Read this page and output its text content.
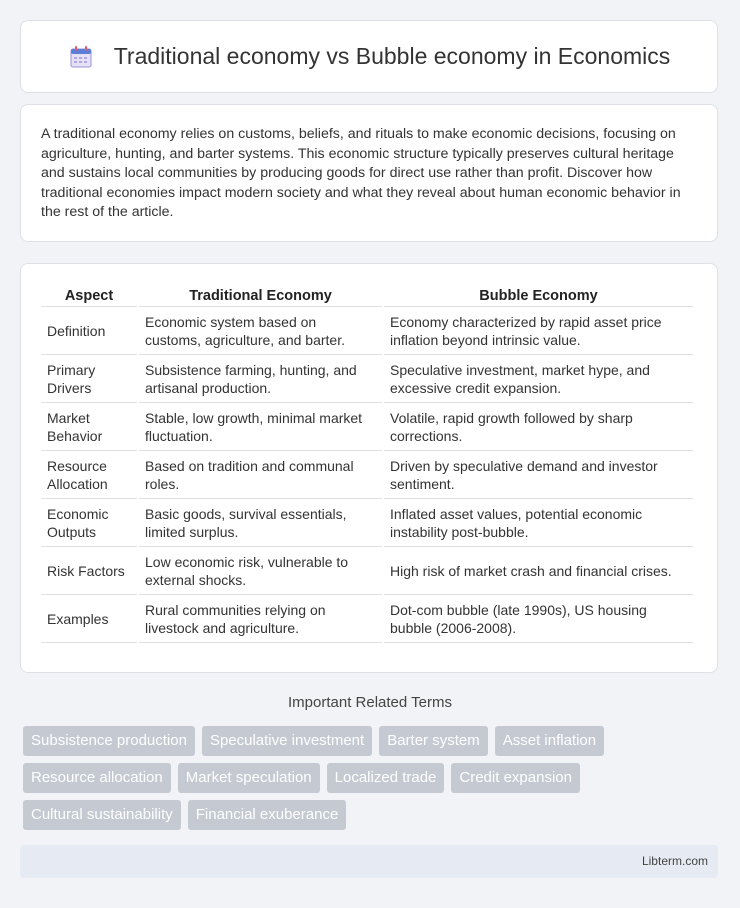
Traditional economy vs Bubble economy in Economics
A traditional economy relies on customs, beliefs, and rituals to make economic decisions, focusing on agriculture, hunting, and barter systems. This economic structure typically preserves cultural heritage and sustains local communities by producing goods for direct use rather than profit. Discover how traditional economies impact modern society and what they reveal about human economic behavior in the rest of the article.
Aspect	Traditional Economy	Bubble Economy
Definition	Economic system based on customs, agriculture, and barter.	Economy characterized by rapid asset price inflation beyond intrinsic value.
Primary Drivers	Subsistence farming, hunting, and artisanal production.	Speculative investment, market hype, and excessive credit expansion.
Market Behavior	Stable, low growth, minimal market fluctuation.	Volatile, rapid growth followed by sharp corrections.
Resource Allocation	Based on tradition and communal roles.	Driven by speculative demand and investor sentiment.
Economic Outputs	Basic goods, survival essentials, limited surplus.	Inflated asset values, potential economic instability post-bubble.
Risk Factors	Low economic risk, vulnerable to external shocks.	High risk of market crash and financial crises.
Examples	Rural communities relying on livestock and agriculture.	Dot-com bubble (late 1990s), US housing bubble (2006-2008).
Important Related Terms
Subsistence production	Speculative investment	Barter system	Asset inflation
Resource allocation	Market speculation	Localized trade	Credit expansion
Cultural sustainability	Financial exuberance
Libterm.com
